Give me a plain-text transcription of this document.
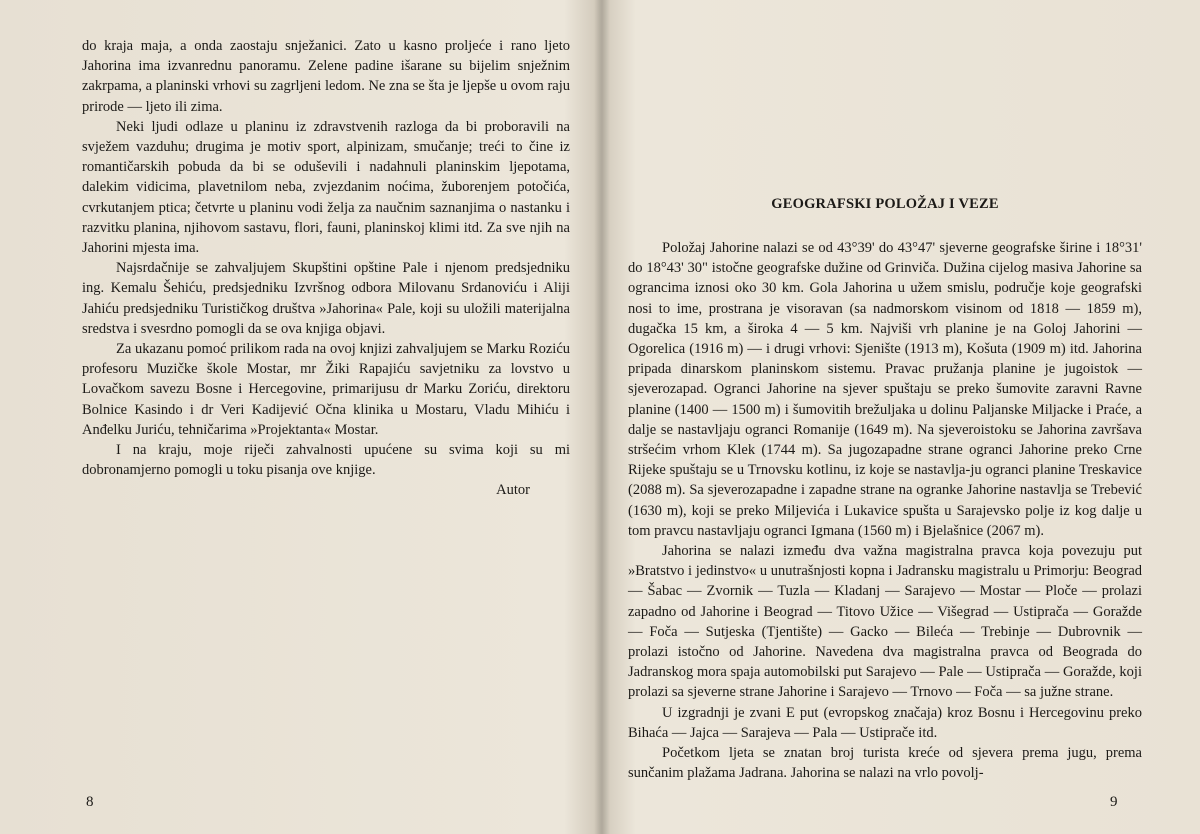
do kraja maja, a onda zaostaju snježanici. Zato u kasno proljeće i rano ljeto Jahorina ima izvanrednu panoramu. Zelene padine išarane su bijelim snježnim zakrpama, a planinski vrhovi su zagrljeni ledom. Ne zna se šta je ljepše u ovom raju prirode — ljeto ili zima.

Neki ljudi odlaze u planinu iz zdravstvenih razloga da bi proboravili na svježem vazduhu; drugima je motiv sport, alpinizam, smučanje; treći to čine iz romantičarskih pobuda da bi se oduševili i nadahnuli planinskim ljepotama, dalekim vidicima, plavetnilom neba, zvjezdanim noćima, žuborenjem potočića, cvrkutanjem ptica; četvrte u planinu vodi želja za naučnim saznanjima o nastanku i razvitku planina, njihovom sastavu, flori, fauni, planinskoj klimi itd. Za sve njih na Jahorini mjesta ima.

Najsrdačnije se zahvaljujem Skupštini opštine Pale i njenom predsjedniku ing. Kemalu Šehiću, predsjedniku Izvršnog odbora Milovanu Srdanoviću i Aliji Jahiću predsjedniku Turističkog društva »Jahorina« Pale, koji su uložili materijalna sredstva i svesrdno pomogli da se ova knjiga objavi.

Za ukazanu pomoć prilikom rada na ovoj knjizi zahvaljujem se Marku Roziću profesoru Muzičke škole Mostar, mr Žiki Rapajiću savjetniku za lovstvo u Lovačkom savezu Bosne i Hercegovine, primarijusu dr Marku Zoriću, direktoru Bolnice Kasindo i dr Veri Kadijević Očna klinika u Mostaru, Vladu Mihiću i Anđelku Juriću, tehničarima »Projektanta« Mostar.

I na kraju, moje riječi zahvalnosti upućene su svima koji su mi dobronamjerno pomogli u toku pisanja ove knjige.

Autor

8
GEOGRAFSKI POLOŽAJ I VEZE

Položaj Jahorine nalazi se od 43°39' do 43°47' sjeverne geografske širine i 18°31' do 18°43' 30" istočne geografske dužine od Grinviča. Dužina cijelog masiva Jahorine sa ograncima iznosi oko 30 km. Gola Jahorina u užem smislu, područje koje geografski nosi to ime, prostrana je visoravan (sa nadmorskom visinom od 1818 — 1859 m), dugačka 15 km, a široka 4 — 5 km. Najviši vrh planine je na Goloj Jahorini — Ogorelica (1916 m) — i drugi vrhovi: Sjenište (1913 m), Košuta (1909 m) itd. Jahorina pripada dinarskom planinskom sistemu. Pravac pružanja planine je jugoistok — sjeverozapad. Ogranci Jahorine na sjever spuštaju se preko šumovite zaravni Ravne planine (1400 — 1500 m) i šumovitih brežuljaka u dolinu Paljanske Miljacke i Praće, a dalje se nastavljaju ogranci Romanije (1649 m). Na sjeveroistoku se Jahorina završava stršećim vrhom Klek (1744 m). Sa jugozapadne strane ogranci Jahorine preko Crne Rijeke spuštaju se u Trnovsku kotlinu, iz koje se nastavlja-ju ogranci planine Treskavice (2088 m). Sa sjeverozapadne i zapadne strane na ogranke Jahorine nastavlja se Trebević (1630 m), koji se preko Miljevića i Lukavice spušta u Sarajevsko polje iz kog dalje u tom pravcu nastavljaju ogranci Igmana (1560 m) i Bjelašnice (2067 m).

Jahorina se nalazi između dva važna magistralna pravca koja povezuju put »Bratstvo i jedinstvo« u unutrašnjosti kopna i Jadransku magistralu u Primorju: Beograd — Šabac — Zvornik — Tuzla — Kladanj — Sarajevo — Mostar — Ploče — prolazi zapadno od Jahorine i Beograd — Titovo Užice — Višegrad — Ustiprača — Goražde — Foča — Sutjeska (Tjentište) — Gacko — Bileća — Trebinje — Dubrovnik — prolazi istočno od Jahorine. Navedena dva magistralna pravca od Beograda do Jadranskog mora spaja automobilski put Sarajevo — Pale — Ustiprača — Goražde, koji prolazi sa sjeverne strane Jahorine i Sarajevo — Trnovo — Foča — sa južne strane.

U izgradnji je zvani E put (evropskog značaja) kroz Bosnu i Hercegovinu preko Bihaća — Jajca — Sarajeva — Pala — Ustiprače itd.

Početkom ljeta se znatan broj turista kreće od sjevera prema jugu, prema sunčanim plažama Jadrana. Jahorina se nalazi na vrlo povolj-

9
